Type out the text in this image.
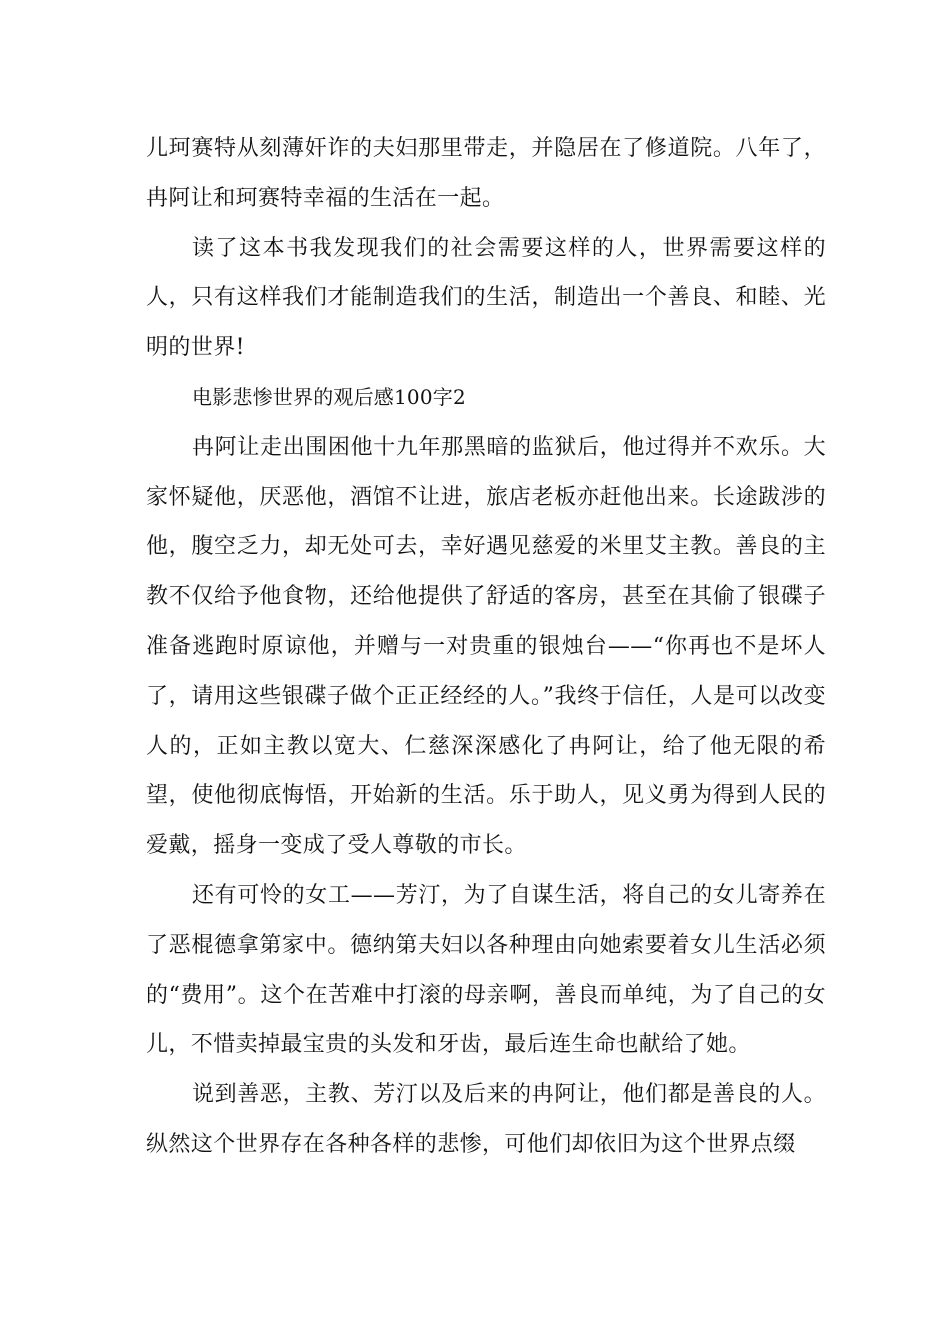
儿珂赛特从刻薄奸诈的夫妇那里带走，并隐居在了修道院。八年了，冉阿让和珂赛特幸福的生活在一起。

读了这本书我发现我们的社会需要这样的人，世界需要这样的人，只有这样我们才能制造我们的生活，制造出一个善良、和睦、光明的世界!

电影悲惨世界的观后感100字2

冉阿让走出围困他十九年那黑暗的监狱后，他过得并不欢乐。大家怀疑他，厌恶他，酒馆不让进，旅店老板亦赶他出来。长途跋涉的他，腹空乏力，却无处可去，幸好遇见慈爱的米里艾主教。善良的主教不仅给予他食物，还给他提供了舒适的客房，甚至在其偷了银碟子准备逃跑时原谅他，并赠与一对贵重的银烛台——“你再也不是坏人了，请用这些银碟子做个正正经经的人。”我终于信任，人是可以改变人的，正如主教以宽大、仁慈深深感化了冉阿让，给了他无限的希望，使他彻底悔悟，开始新的生活。乐于助人，见义勇为得到人民的爱戴，摇身一变成了受人尊敬的市长。

还有可怜的女工——芳汀，为了自谋生活，将自己的女儿寄养在了恶棍德拿第家中。德纳第夫妇以各种理由向她索要着女儿生活必须的“费用”。这个在苦难中打滚的母亲啊，善良而单纯，为了自己的女儿，不惜卖掉最宝贵的头发和牙齿，最后连生命也献给了她。

说到善恶，主教、芳汀以及后来的冉阿让，他们都是善良的人。纵然这个世界存在各种各样的悲惨，可他们却依旧为这个世界点缀
